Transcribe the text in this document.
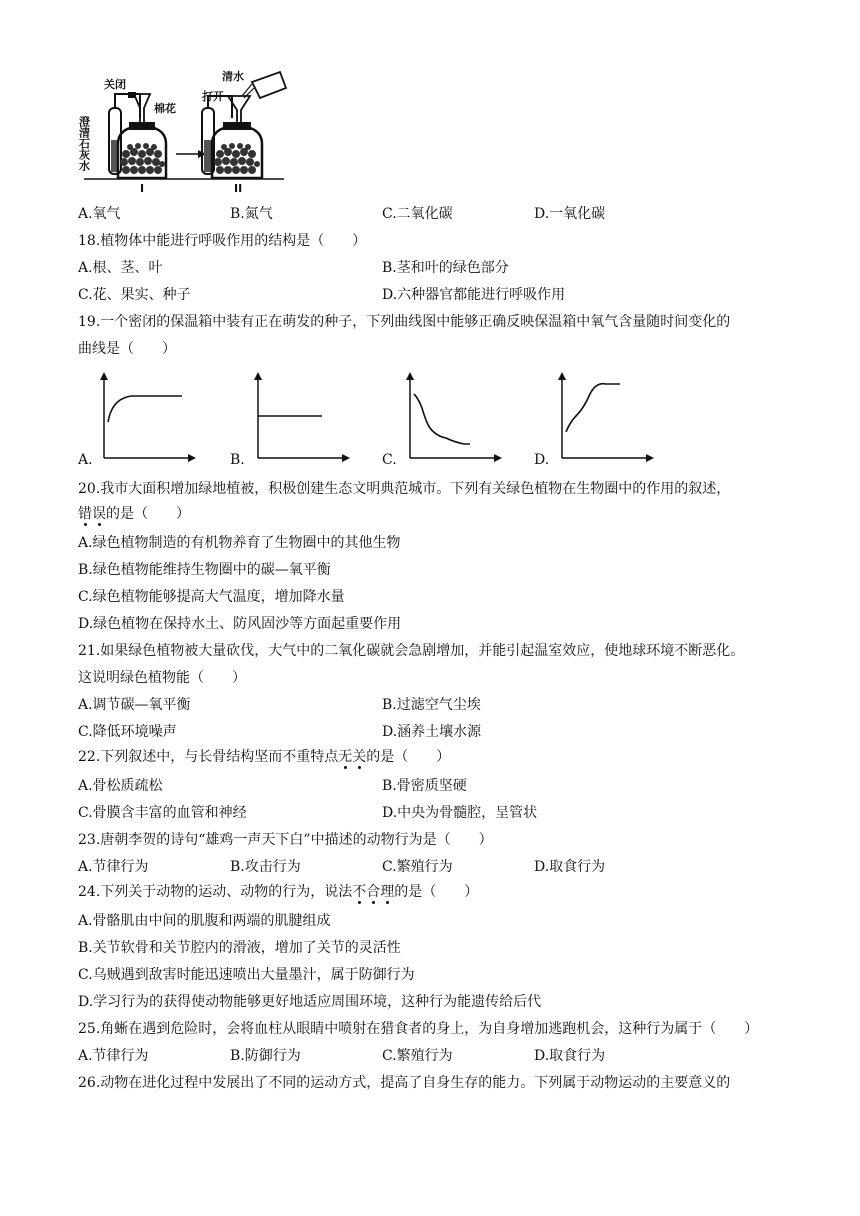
关闭
棉花
澄清石灰水
清水
打开
I	II
A.氧气	B.氮气	C.二氧化碳	D.一氧化碳
18.植物体中能进行呼吸作用的结构是（　　）
A.根、茎、叶	B.茎和叶的绿色部分
C.花、果实、种子	D.六种器官都能进行呼吸作用
19.一个密闭的保温箱中装有正在萌发的种子，下列曲线图中能够正确反映保温箱中氧气含量随时间变化的
曲线是（　　）
A.	B.	C.	D.
20.我市大面积增加绿地植被，积极创建生态文明典范城市。下列有关绿色植物在生物圈中的作用的叙述，
错误的是（　　）
A.绿色植物制造的有机物养育了生物圈中的其他生物
B.绿色植物能维持生物圈中的碳—氧平衡
C.绿色植物能够提高大气温度，增加降水量
D.绿色植物在保持水土、防风固沙等方面起重要作用
21.如果绿色植物被大量砍伐，大气中的二氧化碳就会急剧增加，并能引起温室效应，使地球环境不断恶化。
这说明绿色植物能（　　）
A.调节碳—氧平衡	B.过滤空气尘埃
C.降低环境噪声	D.涵养土壤水源
22.下列叙述中，与长骨结构坚而不重特点无关的是（　　）
A.骨松质疏松	B.骨密质坚硬
C.骨膜含丰富的血管和神经	D.中央为骨髓腔，呈管状
23.唐朝李贺的诗句“雄鸡一声天下白”中描述的动物行为是（　　）
A.节律行为	B.攻击行为	C.繁殖行为	D.取食行为
24.下列关于动物的运动、动物的行为，说法不合理的是（　　）
A.骨骼肌由中间的肌腹和两端的肌腱组成
B.关节软骨和关节腔内的滑液，增加了关节的灵活性
C.乌贼遇到敌害时能迅速喷出大量墨汁，属于防御行为
D.学习行为的获得使动物能够更好地适应周围环境，这种行为能遗传给后代
25.角蜥在遇到危险时，会将血柱从眼睛中喷射在猎食者的身上，为自身增加逃跑机会，这种行为属于（　　）
A.节律行为	B.防御行为	C.繁殖行为	D.取食行为
26.动物在进化过程中发展出了不同的运动方式，提高了自身生存的能力。下列属于动物运动的主要意义的
